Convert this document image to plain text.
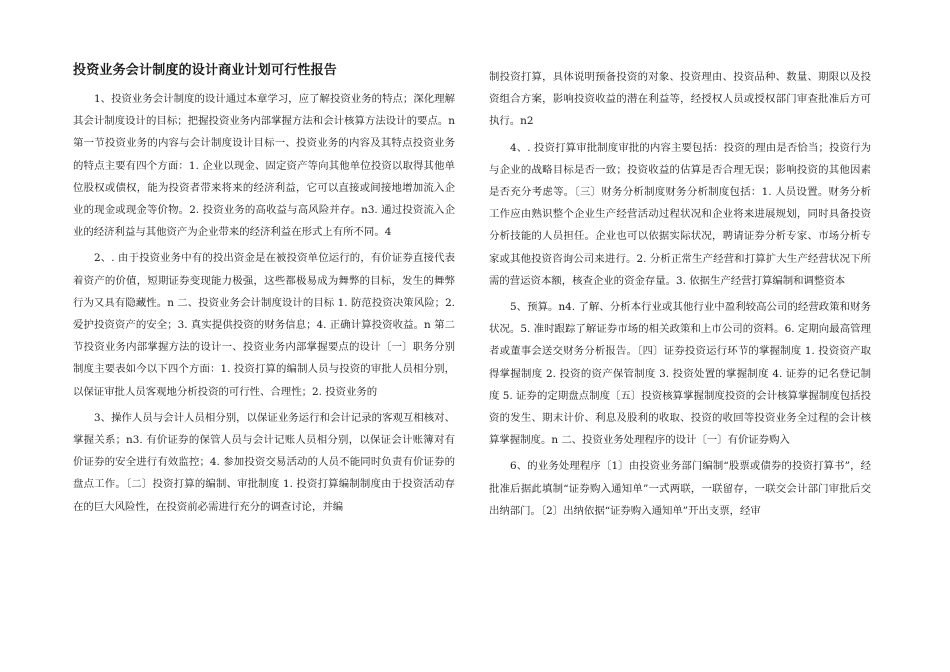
投资业务会计制度的设计商业计划可行性报告

1、投资业务会计制度的设计通过本章学习，应了解投资业务的特点；深化理解其会计制度设计的目标；把握投资业务内部掌握方法和会计核算方法设计的要点。n 第一节投资业务的内容与会计制度设计目标一、投资业务的内容及其特点投资业务的特点主要有四个方面：1. 企业以现金、固定资产等向其他单位投资以取得其他单位股权或债权，能为投资者带来将来的经济利益，它可以直接或间接地增加流入企业的现金或现金等价物。2. 投资业务的高收益与高风险并存。n3. 通过投资流入企业的经济利益与其他资产为企业带来的经济利益在形式上有所不同。4

2、. 由于投资业务中有的投出资金是在被投资单位运行的，有价证券直接代表着资产的价值，短期证券变现能力极强，这些都极易成为舞弊的目标，发生的舞弊行为又具有隐藏性。n 二、投资业务会计制度设计的目标 1. 防范投资决策风险；2. 爱护投资资产的安全；3. 真实提供投资的财务信息；4. 正确计算投资收益。n 第二节投资业务内部掌握方法的设计一、投资业务内部掌握要点的设计〔一〕职务分别制度主要表如今以下四个方面：1. 投资打算的编制人员与投资的审批人员相分别，以保证审批人员客观地分析投资的可行性、合理性；2. 投资业务的

3、操作人员与会计人员相分别，以保证业务运行和会计记录的客观互相核对、掌握关系；n3. 有价证券的保管人员与会计记账人员相分别，以保证会计账簿对有价证券的安全进行有效监控；4. 参加投资交易活动的人员不能同时负责有价证券的盘点工作。〔二〕投资打算的编制、审批制度 1. 投资打算编制制度由于投资活动存在的巨大风险性，在投资前必需进行充分的调查讨论，并编

制投资打算，具体说明预备投资的对象、投资理由、投资品种、数量、期限以及投资组合方案，影响投资收益的潜在利益等，经授权人员或授权部门审查批准后方可执行。n2

4、. 投资打算审批制度审批的内容主要包括：投资的理由是否恰当；投资行为与企业的战略目标是否一致；投资收益的估算是否合理无误；影响投资的其他因素是否充分考虑等。〔三〕财务分析制度财务分析制度包括：1. 人员设置。财务分析工作应由熟识整个企业生产经营活动过程状况和企业将来进展规划，同时具备投资分析技能的人员担任。企业也可以依据实际状况，聘请证券分析专家、市场分析专家或其他投资咨询公司来进行。2. 分析正常生产经营和打算扩大生产经营状况下所需的营运资本额，核查企业的资金存量。3. 依据生产经营打算编制和调整资本

5、预算。n4. 了解、分析本行业或其他行业中盈利较高公司的经营政策和财务状况。5. 准时跟踪了解证券市场的相关政策和上市公司的资料。6. 定期向最高管理者或董事会送交财务分析报告。〔四〕证券投资运行环节的掌握制度 1. 投资资产取得掌握制度 2. 投资的资产保管制度 3. 投资处置的掌握制度 4. 证券的记名登记制度 5. 证券的定期盘点制度〔五〕投资核算掌握制度投资的会计核算掌握制度包括投资的发生、期末计价、利息及股利的收取、投资的收回等投资业务全过程的会计核算掌握制度。n 二、投资业务处理程序的设计〔一〕有价证券购入

6、的业务处理程序〔1〕由投资业务部门编制“股票或债券的投资打算书”，经批准后据此填制“证券购入通知单”一式两联，一联留存，一联交会计部门审批后交出纳部门。〔2〕出纳依据“证券购入通知单”开出支票，经审
